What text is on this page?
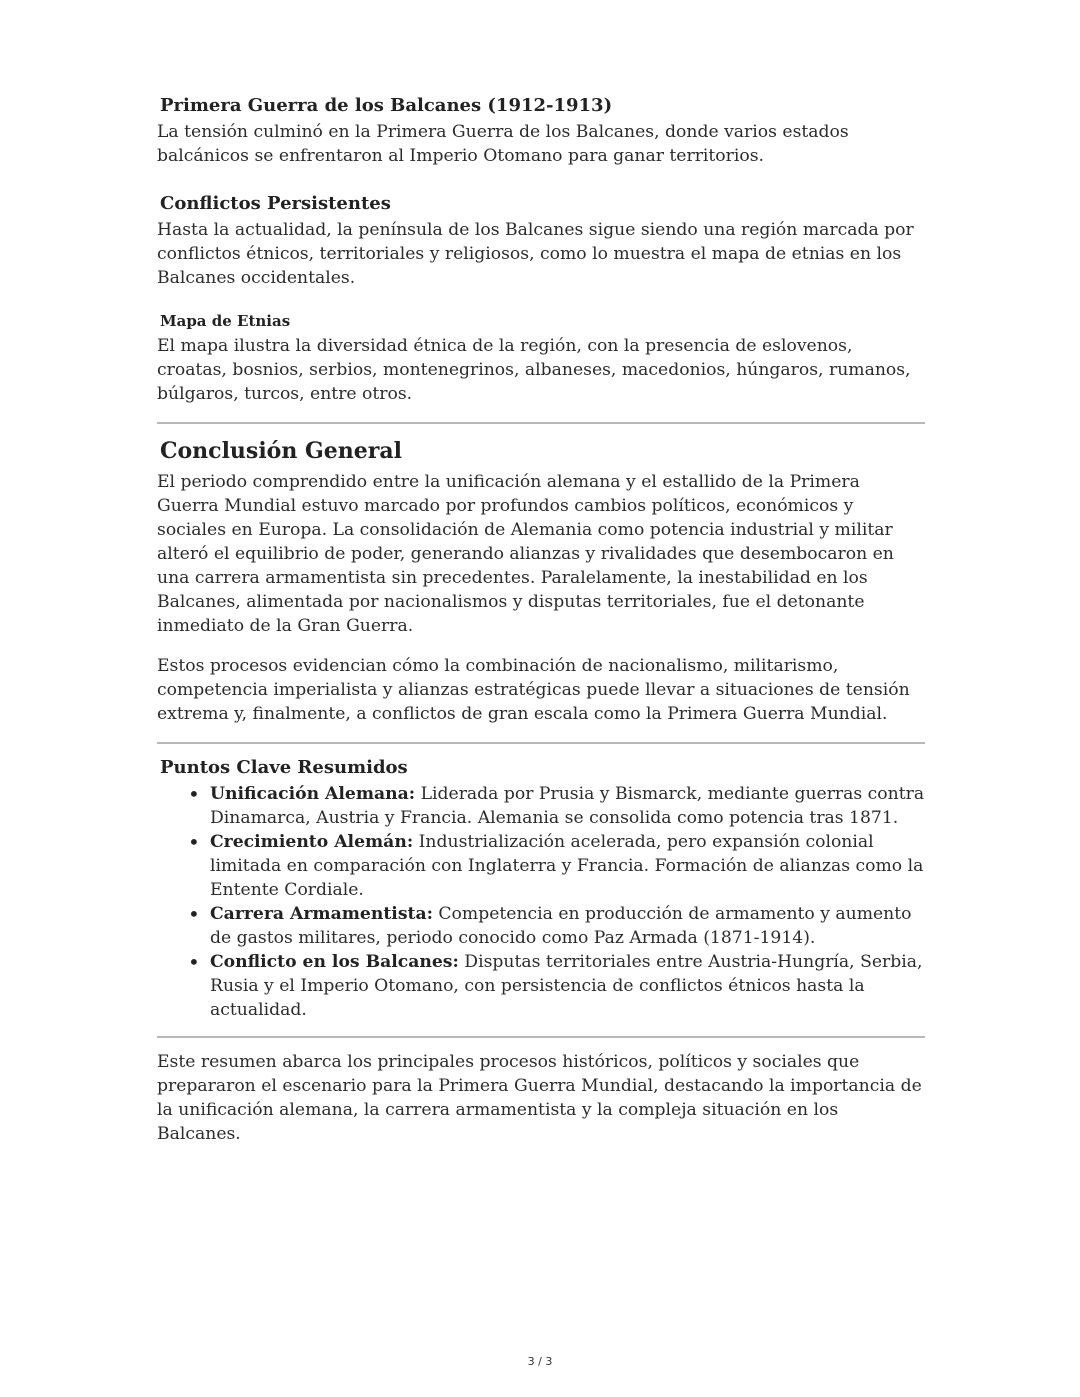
Primera Guerra de los Balcanes (1912-1913)

La tensión culminó en la Primera Guerra de los Balcanes, donde varios estados balcánicos se enfrentaron al Imperio Otomano para ganar territorios.

Conflictos Persistentes

Hasta la actualidad, la península de los Balcanes sigue siendo una región marcada por conflictos étnicos, territoriales y religiosos, como lo muestra el mapa de etnias en los Balcanes occidentales.

Mapa de Etnias

El mapa ilustra la diversidad étnica de la región, con la presencia de eslovenos, croatas, bosnios, serbios, montenegrinos, albaneses, macedonios, húngaros, rumanos, búlgaros, turcos, entre otros.

Conclusión General

El periodo comprendido entre la unificación alemana y el estallido de la Primera Guerra Mundial estuvo marcado por profundos cambios políticos, económicos y sociales en Europa. La consolidación de Alemania como potencia industrial y militar alteró el equilibrio de poder, generando alianzas y rivalidades que desembocaron en una carrera armamentista sin precedentes. Paralelamente, la inestabilidad en los Balcanes, alimentada por nacionalismos y disputas territoriales, fue el detonante inmediato de la Gran Guerra.

Estos procesos evidencian cómo la combinación de nacionalismo, militarismo, competencia imperialista y alianzas estratégicas puede llevar a situaciones de tensión extrema y, finalmente, a conflictos de gran escala como la Primera Guerra Mundial.

Puntos Clave Resumidos
• Unificación Alemana: Liderada por Prusia y Bismarck, mediante guerras contra Dinamarca, Austria y Francia. Alemania se consolida como potencia tras 1871.
• Crecimiento Alemán: Industrialización acelerada, pero expansión colonial limitada en comparación con Inglaterra y Francia. Formación de alianzas como la Entente Cordiale.
• Carrera Armamentista: Competencia en producción de armamento y aumento de gastos militares, periodo conocido como Paz Armada (1871-1914).
• Conflicto en los Balcanes: Disputas territoriales entre Austria-Hungría, Serbia, Rusia y el Imperio Otomano, con persistencia de conflictos étnicos hasta la actualidad.

Este resumen abarca los principales procesos históricos, políticos y sociales que prepararon el escenario para la Primera Guerra Mundial, destacando la importancia de la unificación alemana, la carrera armamentista y la compleja situación en los Balcanes.

3 / 3
